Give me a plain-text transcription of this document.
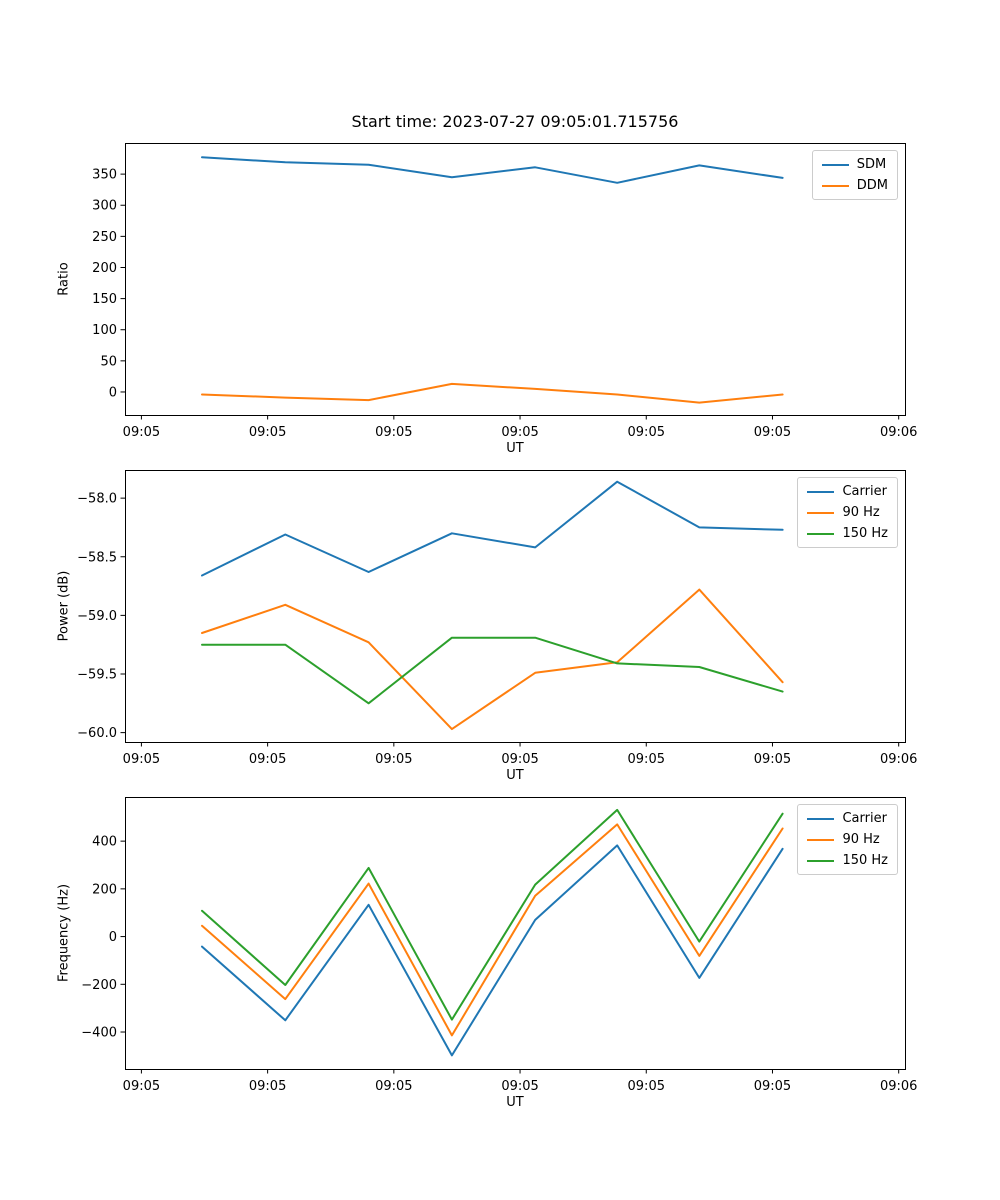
09:05	09:05	09:05	09:05	09:05	09:05	09:06
0
50
100
150
200
250
300
350
09:05	09:05	09:05	09:05	09:05	09:05	09:06
−60.0
−59.5
−59.0
−58.5
−58.0
09:05	09:05	09:05	09:05	09:05	09:05	09:06
−400
−200
0
200
400
Start time: 2023-07-27 09:05:01.715756
Ratio
UT
SDM
DDM
Power (dB)
UT
Carrier
90 Hz
150 Hz
Frequency (Hz)
UT
Carrier
90 Hz
150 Hz
